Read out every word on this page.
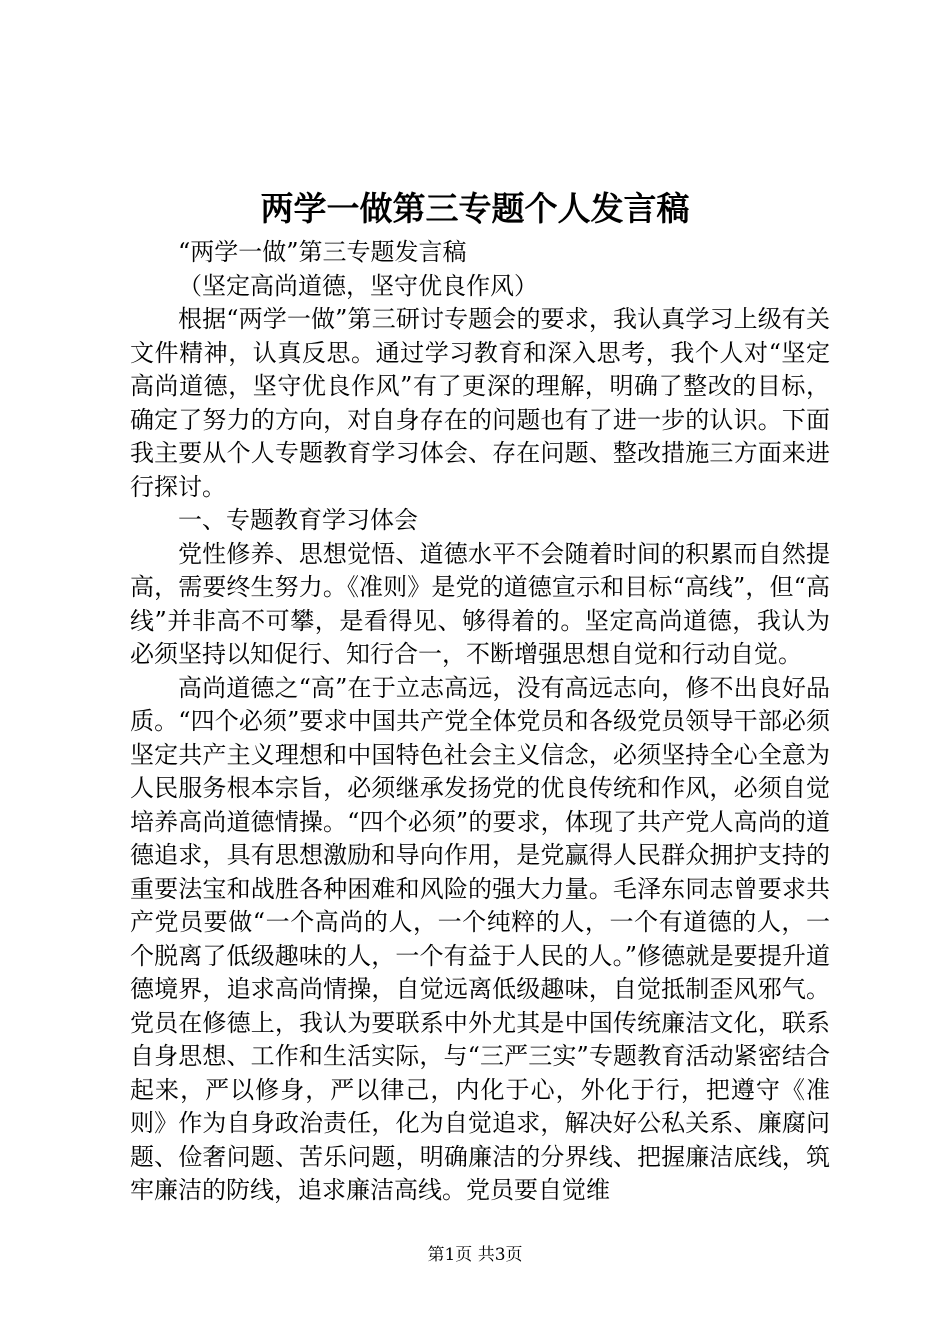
两学一做第三专题个人发言稿

“两学一做”第三专题发言稿

（坚定高尚道德，坚守优良作风）

根据“两学一做”第三研讨专题会的要求，我认真学习上级有关文件精神，认真反思。通过学习教育和深入思考，我个人对“坚定高尚道德，坚守优良作风”有了更深的理解，明确了整改的目标，确定了努力的方向，对自身存在的问题也有了进一步的认识。下面我主要从个人专题教育学习体会、存在问题、整改措施三方面来进行探讨。

一、专题教育学习体会

党性修养、思想觉悟、道德水平不会随着时间的积累而自然提高，需要终生努力。《准则》是党的道德宣示和目标“高线”，但“高线”并非高不可攀，是看得见、够得着的。坚定高尚道德，我认为必须坚持以知促行、知行合一，不断增强思想自觉和行动自觉。

高尚道德之“高”在于立志高远，没有高远志向，修不出良好品质。“四个必须”要求中国共产党全体党员和各级党员领导干部必须坚定共产主义理想和中国特色社会主义信念，必须坚持全心全意为人民服务根本宗旨，必须继承发扬党的优良传统和作风，必须自觉培养高尚道德情操。“四个必须”的要求，体现了共产党人高尚的道德追求，具有思想激励和导向作用，是党赢得人民群众拥护支持的重要法宝和战胜各种困难和风险的强大力量。毛泽东同志曾要求共产党员要做“一个高尚的人，一个纯粹的人，一个有道德的人，一个脱离了低级趣味的人，一个有益于人民的人。”修德就是要提升道德境界，追求高尚情操，自觉远离低级趣味，自觉抵制歪风邪气。党员在修德上，我认为要联系中外尤其是中国传统廉洁文化，联系自身思想、工作和生活实际，与“三严三实”专题教育活动紧密结合起来，严以修身，严以律己，内化于心，外化于行，把遵守《准则》作为自身政治责任，化为自觉追求，解决好公私关系、廉腐问题、俭奢问题、苦乐问题，明确廉洁的分界线、把握廉洁底线，筑牢廉洁的防线，追求廉洁高线。党员要自觉维

第1页 共3页
